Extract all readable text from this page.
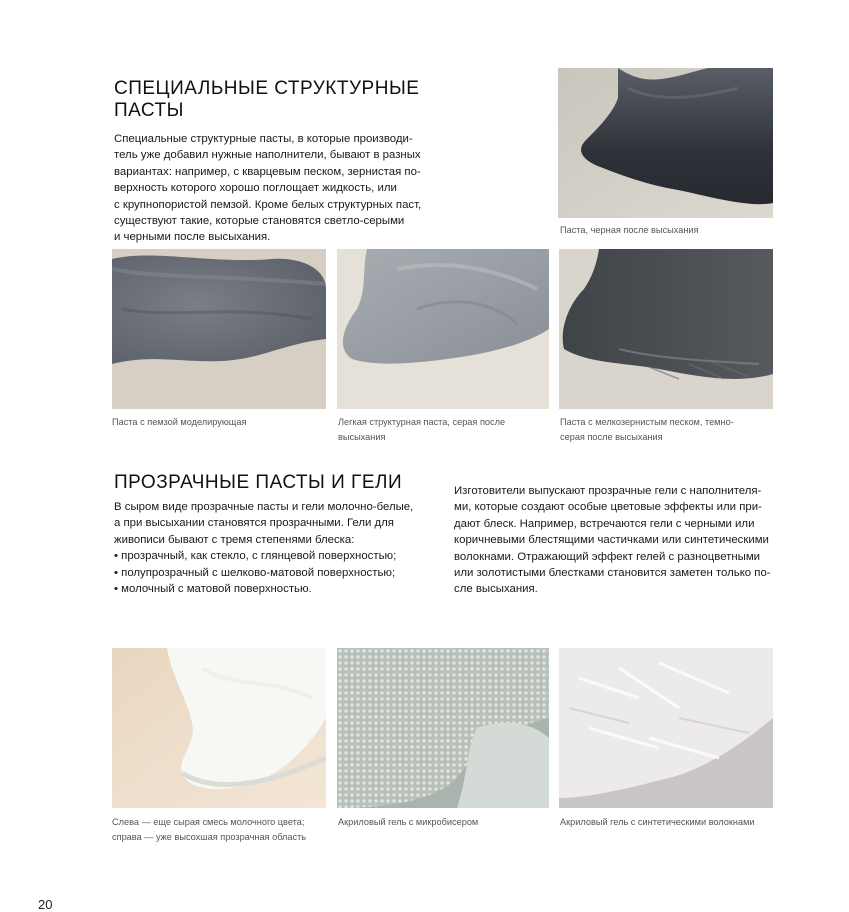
СПЕЦИАЛЬНЫЕ СТРУКТУРНЫЕ
ПАСТЫ
Специальные структурные пасты, в которые производи-
тель уже добавил нужные наполнители, бывают в разных
вариантах: например, с кварцевым песком, зернистая по-
верхность которого хорошо поглощает жидкость, или
с крупнопористой пемзой. Кроме белых структурных паст,
существуют такие, которые становятся светло-серыми
и черными после высыхания.
Паста, черная после высыхания
Паста с пемзой моделирующая	Легкая структурная паста, серая после
высыхания
Паста с мелкозернистым песком, темно-
серая после высыхания
ПРОЗРАЧНЫЕ ПАСТЫ И ГЕЛИ
В сыром виде прозрачные пасты и гели молочно-белые,
а при высыхании становятся прозрачными. Гели для
живописи бывают с тремя степенями блеска:
• прозрачный, как стекло, с глянцевой поверхностью;
• полупрозрачный с шелково-матовой поверхностью;
• молочный с матовой поверхностью.
Изготовители выпускают прозрачные гели с наполнителя-
ми, которые создают особые цветовые эффекты или при-
дают блеск. Например, встречаются гели с черными или
коричневыми блестящими частичками или синтетическими
волокнами. Отражающий эффект гелей с разноцветными
или золотистыми блестками становится заметен только по-
сле высыхания.
Слева — еще сырая смесь молочного цвета;
справа — уже высохшая прозрачная область
Акриловый гель с микробисером	Акриловый гель с синтетическими волокнами
20
